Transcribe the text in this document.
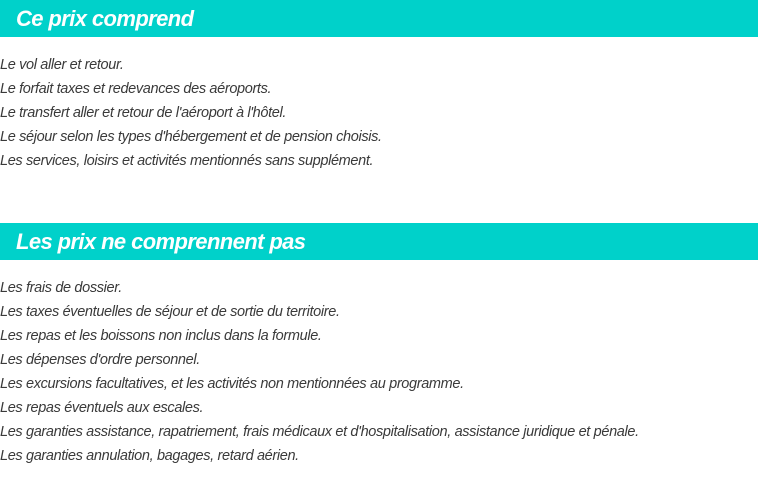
Ce prix comprend
Le vol aller et retour.
Le forfait taxes et redevances des aéroports.
Le transfert aller et retour de l'aéroport à l'hôtel.
Le séjour selon les types d'hébergement et de pension choisis.
Les services, loisirs et activités mentionnés sans supplément.
Les prix ne comprennent pas
Les frais de dossier.
Les taxes éventuelles de séjour et de sortie du territoire.
Les repas et les boissons non inclus dans la formule.
Les dépenses d'ordre personnel.
Les excursions facultatives, et les activités non mentionnées au programme.
Les repas éventuels aux escales.
Les garanties assistance, rapatriement, frais médicaux et d'hospitalisation, assistance juridique et pénale.
Les garanties annulation, bagages, retard aérien.
